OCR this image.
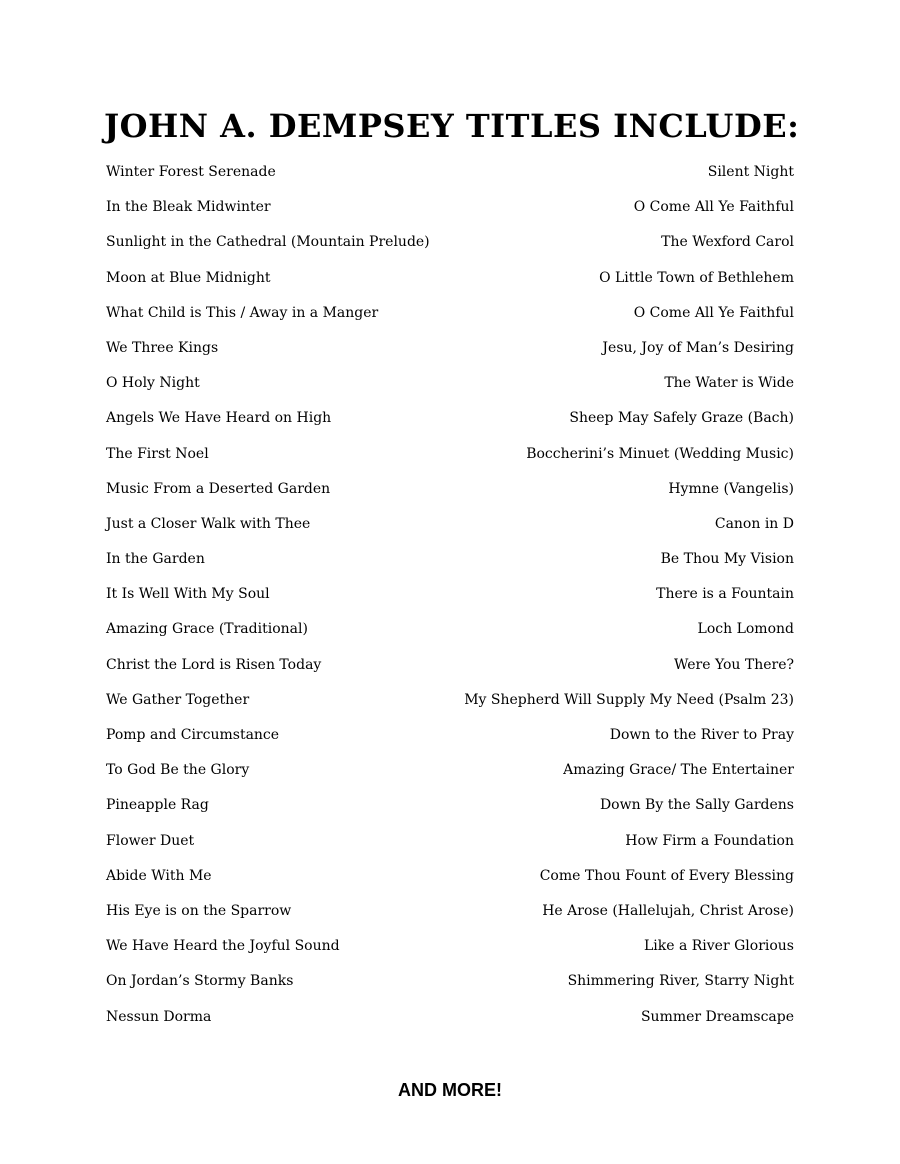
JOHN A. DEMPSEY TITLES INCLUDE:
Winter Forest Serenade	Silent Night
In the Bleak Midwinter	O Come All Ye Faithful
Sunlight in the Cathedral (Mountain Prelude)	The Wexford Carol
Moon at Blue Midnight	O Little Town of Bethlehem
What Child is This / Away in a Manger	O Come All Ye Faithful
We Three Kings	Jesu, Joy of Man’s Desiring
O Holy Night	The Water is Wide
Angels We Have Heard on High	Sheep May Safely Graze (Bach)
The First Noel	Boccherini’s Minuet (Wedding Music)
Music From a Deserted Garden	Hymne (Vangelis)
Just a Closer Walk with Thee	Canon in D
In the Garden	Be Thou My Vision
It Is Well With My Soul	There is a Fountain
Amazing Grace (Traditional)	Loch Lomond
Christ the Lord is Risen Today	Were You There?
We Gather Together	My Shepherd Will Supply My Need (Psalm 23)
Pomp and Circumstance	Down to the River to Pray
To God Be the Glory	Amazing Grace/ The Entertainer
Pineapple Rag	Down By the Sally Gardens
Flower Duet	How Firm a Foundation
Abide With Me	Come Thou Fount of Every Blessing
His Eye is on the Sparrow	He Arose (Hallelujah, Christ Arose)
We Have Heard the Joyful Sound	Like a River Glorious
On Jordan’s Stormy Banks	Shimmering River, Starry Night
Nessun Dorma	Summer Dreamscape
AND MORE!
